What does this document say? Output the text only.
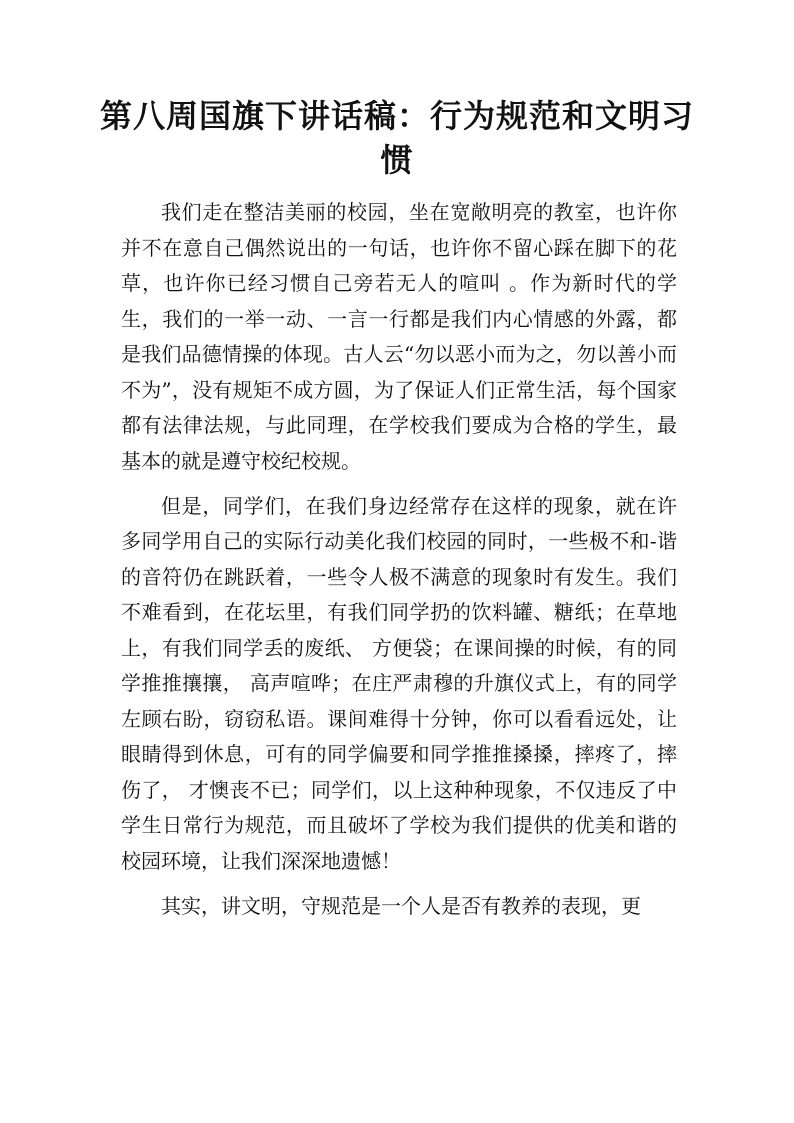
第八周国旗下讲话稿：行为规范和文明习惯

我们走在整洁美丽的校园，坐在宽敞明亮的教室，也许你并不在意自己偶然说出的一句话，也许你不留心踩在脚下的花草，也许你已经习惯自己旁若无人的喧叫 。作为新时代的学生，我们的一举一动、一言一行都是我们内心情感的外露，都是我们品德情操的体现。古人云“勿以恶小而为之，勿以善小而不为”，没有规矩不成方圆，为了保证人们正常生活，每个国家都有法律法规，与此同理，在学校我们要成为合格的学生，最基本的就是遵守校纪校规。

但是，同学们，在我们身边经常存在这样的现象，就在许多同学用自己的实际行动美化我们校园的同时，一些极不和-谐的音符仍在跳跃着，一些令人极不满意的现象时有发生。我们不难看到，在花坛里，有我们同学扔的饮料罐、糖纸；在草地上，有我们同学丢的废纸、 方便袋；在课间操的时候，有的同学推推攘攘， 高声喧哗；在庄严肃穆的升旗仪式上，有的同学左顾右盼，窃窃私语。课间难得十分钟，你可以看看远处，让眼睛得到休息，可有的同学偏要和同学推推搡搡，摔疼了，摔伤了， 才懊丧不已；同学们，以上这种种现象，不仅违反了中学生日常行为规范，而且破坏了学校为我们提供的优美和谐的校园环境，让我们深深地遗憾！

其实，讲文明，守规范是一个人是否有教养的表现，更
